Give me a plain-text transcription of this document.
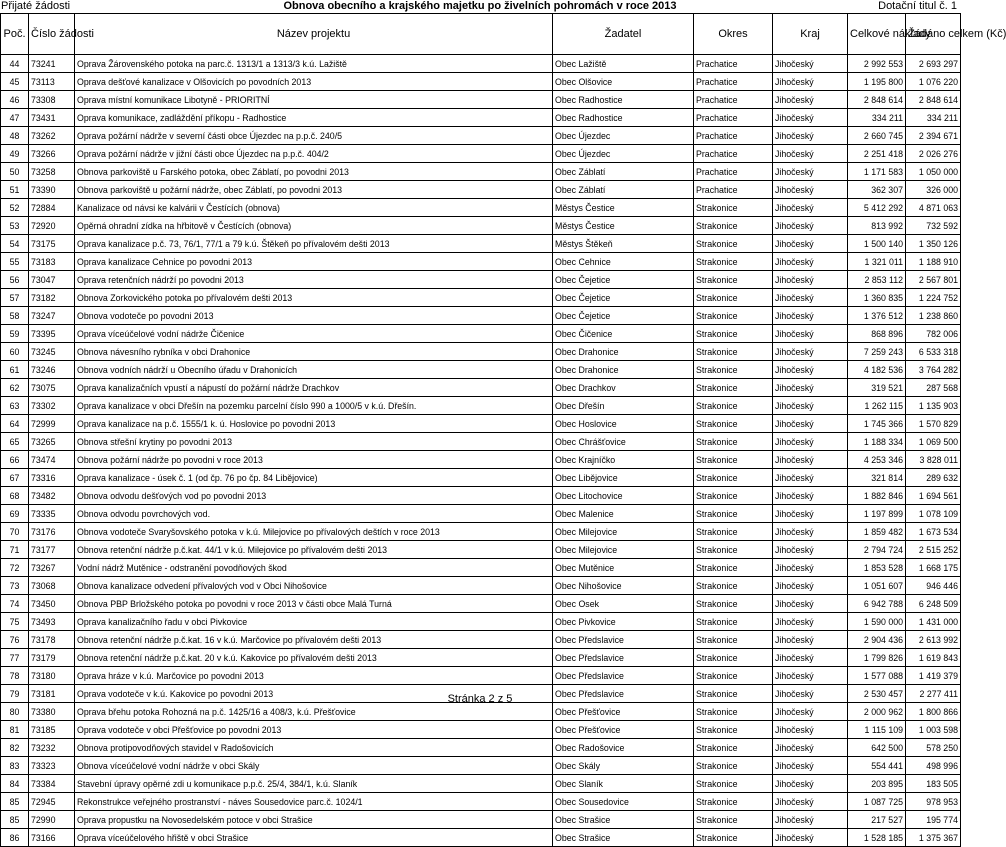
Přijaté žádosti	Obnova obecního a krajského majetku po živelních pohromách v roce 2013	Dotační titul č. 1
Poč.	Číslo žádosti	Název projektu	Žadatel	Okres	Kraj	Celkové náklady	Žádáno celkem (Kč)
44	73241	Oprava Žárovenského potoka na parc.č. 1313/1 a 1313/3 k.ú. Lažiště	Obec Lažiště	Prachatice	Jihočeský	2 992 553	2 693 297
45	73113	Oprava dešťové kanalizace v Olšovicích po povodních 2013	Obec Olšovice	Prachatice	Jihočeský	1 195 800	1 076 220
46	73308	Oprava místní komunikace Libotyně - PRIORITNÍ	Obec Radhostice	Prachatice	Jihočeský	2 848 614	2 848 614
47	73431	Oprava komunikace, zadláždění příkopu - Radhostice	Obec Radhostice	Prachatice	Jihočeský	334 211	334 211
48	73262	Oprava požární nádrže v severní části obce Újezdec na p.p.č. 240/5	Obec Újezdec	Prachatice	Jihočeský	2 660 745	2 394 671
49	73266	Oprava požární nádrže v jižní části obce Újezdec na p.p.č. 404/2	Obec Újezdec	Prachatice	Jihočeský	2 251 418	2 026 276
50	73258	Obnova parkoviště u Farského potoka, obec Záblatí, po povodni 2013	Obec Záblatí	Prachatice	Jihočeský	1 171 583	1 050 000
51	73390	Obnova parkoviště u požární nádrže, obec Záblatí, po povodni 2013	Obec Záblatí	Prachatice	Jihočeský	362 307	326 000
52	72884	Kanalizace od návsi ke kalvárii v Čestících (obnova)	Městys Čestice	Strakonice	Jihočeský	5 412 292	4 871 063
53	72920	Opěrná ohradní zídka na hřbitově v Čestících (obnova)	Městys Čestice	Strakonice	Jihočeský	813 992	732 592
54	73175	Oprava kanalizace p.č. 73, 76/1, 77/1 a 79 k.ú. Štěkeň po přívalovém dešti 2013	Městys Štěkeň	Strakonice	Jihočeský	1 500 140	1 350 126
55	73183	Oprava kanalizace Cehnice po povodni 2013	Obec Cehnice	Strakonice	Jihočeský	1 321 011	1 188 910
56	73047	Oprava retenčních nádrží po povodni 2013	Obec Čejetice	Strakonice	Jihočeský	2 853 112	2 567 801
57	73182	Obnova Zorkovického potoka po přívalovém dešti 2013	Obec Čejetice	Strakonice	Jihočeský	1 360 835	1 224 752
58	73247	Obnova vodoteče po povodni 2013	Obec Čejetice	Strakonice	Jihočeský	1 376 512	1 238 860
59	73395	Oprava víceúčelové vodní nádrže Čičenice	Obec Čičenice	Strakonice	Jihočeský	868 896	782 006
60	73245	Obnova návesního rybníka v obci Drahonice	Obec Drahonice	Strakonice	Jihočeský	7 259 243	6 533 318
61	73246	Obnova vodních nádrží u Obecního úřadu v Drahonicích	Obec Drahonice	Strakonice	Jihočeský	4 182 536	3 764 282
62	73075	Oprava kanalizačních vpustí a nápustí do požární nádrže Drachkov	Obec Drachkov	Strakonice	Jihočeský	319 521	287 568
63	73302	Oprava kanalizace v obci Dřešín na pozemku parcelní číslo 990 a 1000/5 v k.ú. Dřešín.	Obec Dřešín	Strakonice	Jihočeský	1 262 115	1 135 903
64	72999	Oprava kanalizace na p.č. 1555/1 k. ú. Hoslovice po povodni 2013	Obec Hoslovice	Strakonice	Jihočeský	1 745 366	1 570 829
65	73265	Obnova střešní krytiny po povodni 2013	Obec Chrášťovice	Strakonice	Jihočeský	1 188 334	1 069 500
66	73474	Obnova požární nádrže po povodni v roce 2013	Obec Krajníčko	Strakonice	Jihočeský	4 253 346	3 828 011
67	73316	Oprava kanalizace - úsek č. 1 (od čp. 76 po čp. 84 Libějovice)	Obec Libějovice	Strakonice	Jihočeský	321 814	289 632
68	73482	Obnova odvodu dešťových vod po povodni 2013	Obec Litochovice	Strakonice	Jihočeský	1 882 846	1 694 561
69	73335	Obnova odvodu povrchových vod.	Obec Malenice	Strakonice	Jihočeský	1 197 899	1 078 109
70	73176	Obnova vodoteče Svaryšovského potoka v k.ú. Milejovice po přívalových deštích v roce 2013	Obec Milejovice	Strakonice	Jihočeský	1 859 482	1 673 534
71	73177	Obnova retenční nádrže p.č.kat. 44/1 v k.ú. Milejovice po přívalovém dešti 2013	Obec Milejovice	Strakonice	Jihočeský	2 794 724	2 515 252
72	73267	Vodní nádrž Mutěnice - odstranění povodňových škod	Obec Mutěnice	Strakonice	Jihočeský	1 853 528	1 668 175
73	73068	Obnova kanalizace odvedení přívalových vod v Obci Nihošovice	Obec Nihošovice	Strakonice	Jihočeský	1 051 607	946 446
74	73450	Obnova PBP Brložského potoka po povodni v roce 2013 v části obce Malá Turná	Obec Osek	Strakonice	Jihočeský	6 942 788	6 248 509
75	73493	Oprava kanalizačního řadu v obci Pivkovice	Obec Pivkovice	Strakonice	Jihočeský	1 590 000	1 431 000
76	73178	Obnova retenční nádrže p.č.kat. 16 v k.ú. Marčovice po přívalovém dešti 2013	Obec Předslavice	Strakonice	Jihočeský	2 904 436	2 613 992
77	73179	Obnova retenční nádrže p.č.kat. 20 v k.ú. Kakovice po přívalovém dešti 2013	Obec Předslavice	Strakonice	Jihočeský	1 799 826	1 619 843
78	73180	Oprava hráze v k.ú. Marčovice po povodni 2013	Obec Předslavice	Strakonice	Jihočeský	1 577 088	1 419 379
79	73181	Oprava vodoteče v k.ú. Kakovice po povodni 2013	Obec Předslavice	Strakonice	Jihočeský	2 530 457	2 277 411
80	73380	Oprava břehu potoka Rohozná na p.č. 1425/16 a 408/3, k.ú. Přešťovice	Obec Přešťovice	Strakonice	Jihočeský	2 000 962	1 800 866
81	73185	Oprava vodoteče v obci Přešťovice po povodni 2013	Obec Přešťovice	Strakonice	Jihočeský	1 115 109	1 003 598
82	73232	Obnova protipovodňových stavidel v Radošovicích	Obec Radošovice	Strakonice	Jihočeský	642 500	578 250
83	73323	Obnova víceúčelové vodní nádrže v obci Skály	Obec Skály	Strakonice	Jihočeský	554 441	498 996
84	73384	Stavební úpravy opěrné zdi u komunikace p.p.č. 25/4, 384/1, k.ú. Slaník	Obec Slaník	Strakonice	Jihočeský	203 895	183 505
85	72945	Rekonstrukce veřejného prostranství - náves Sousedovice parc.č. 1024/1	Obec Sousedovice	Strakonice	Jihočeský	1 087 725	978 953
85	72990	Oprava propustku na Novosedelském potoce v obci Strašice	Obec Strašice	Strakonice	Jihočeský	217 527	195 774
86	73166	Oprava víceúčelového hřiště v obci Strašice	Obec Strašice	Strakonice	Jihočeský	1 528 185	1 375 367
Stránka 2 z 5
